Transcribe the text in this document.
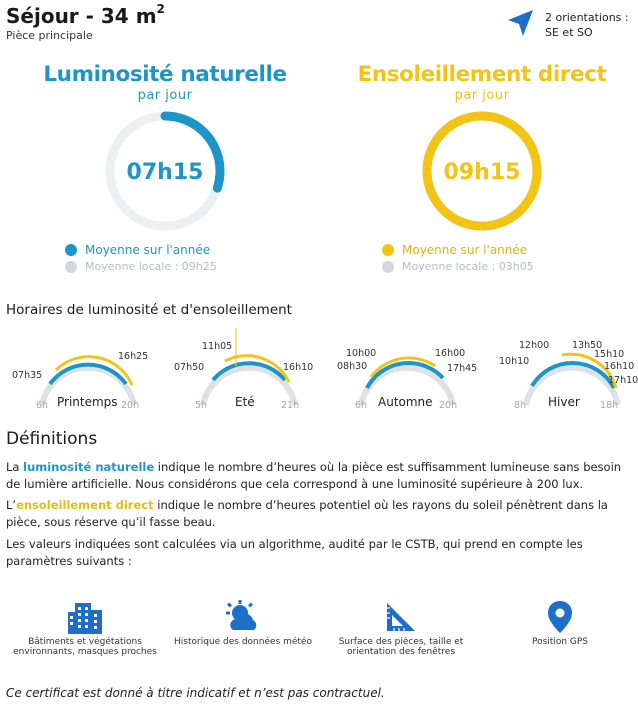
Séjour - 34 $m^2$
Pièce principale
2 orientations :
SE et SO
Luminosité naturelle
par jour
07h15
Moyenne sur l'année
Moyenne locale : 09h25
Ensoleillement direct
par jour
09h15
Moyenne sur l'année
Moyenne locale : 03h05
Horaires de luminosité et d'ensoleillement
07h35
16h25
6h	20h
Printemps
11h05
07h50	16h10
5h	21h
Eté
10h00
08h30
16h00
17h45
6h	20h
Automne
12h00
10h10
13h50
15h10
16h10
17h10
8h	18h
Hiver
Définitions
La luminosité naturelle indique le nombre d’heures où la pièce est suffisamment lumineuse sans besoin de lumière artificielle. Nous considérons que cela correspond à une luminosité supérieure à 200 lux.
L’ensoleillement direct indique le nombre d’heures potentiel où les rayons du soleil pénètrent dans la pièce, sous réserve qu’il fasse beau.
Les valeurs indiquées sont calculées via un algorithme, audité par le CSTB, qui prend en compte les paramètres suivants :
Bâtiments et végétations environnants, masques proches
Historique des données météo	Surface des pièces, taille et orientation des fenêtres
Position GPS
Ce certificat est donné à titre indicatif et n’est pas contractuel.
